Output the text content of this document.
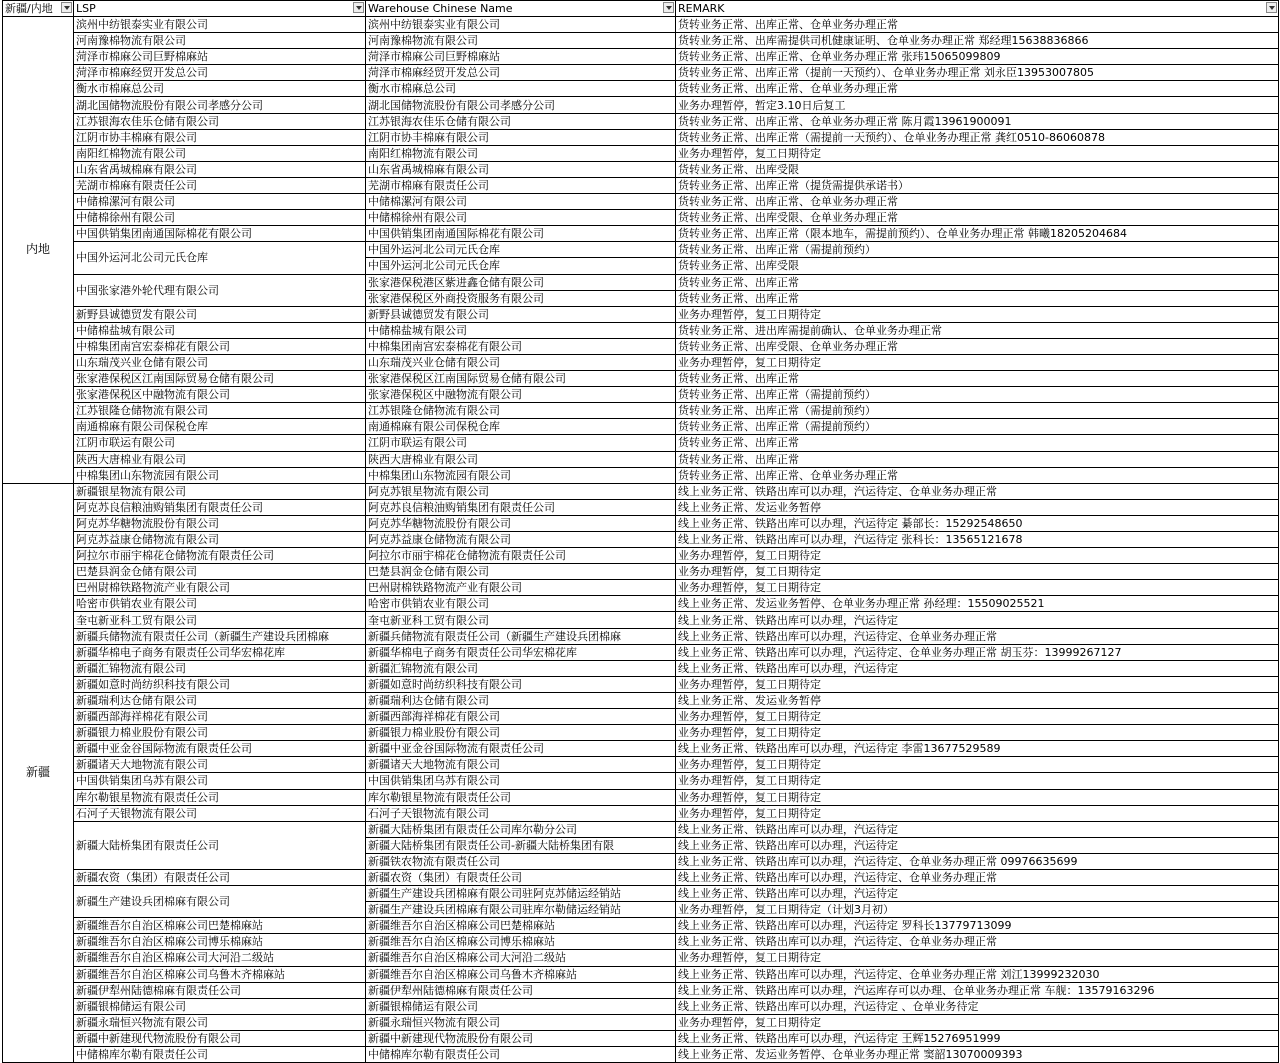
新疆/内地	LSP	Warehouse Chinese Name	REMARK

内地	滨州中纺银泰实业有限公司	滨州中纺银泰实业有限公司	货转业务正常、出库正常、仓单业务办理正常
	河南豫棉物流有限公司	河南豫棉物流有限公司	货转业务正常、出库需提供司机健康证明、仓单业务办理正常 郑经理15638836866
	菏泽市棉麻公司巨野棉麻站	菏泽市棉麻公司巨野棉麻站	货转业务正常、出库正常、仓单业务办理正常 张玮15065099809
	菏泽市棉麻经贸开发总公司	菏泽市棉麻经贸开发总公司	货转业务正常、出库正常（提前一天预约）、仓单业务办理正常 刘永臣13953007805
	衡水市棉麻总公司	衡水市棉麻总公司	货转业务正常、出库正常、仓单业务办理正常
	湖北国储物流股份有限公司孝感分公司	湖北国储物流股份有限公司孝感分公司	业务办理暂停，暂定3.10日后复工
	江苏银海农佳乐仓储有限公司	江苏银海农佳乐仓储有限公司	货转业务正常、出库正常、仓单业务办理正常 陈月霞13961900091
	江阴市协丰棉麻有限公司	江阴市协丰棉麻有限公司	货转业务正常、出库正常（需提前一天预约）、仓单业务办理正常 龚红0510-86060878
	南阳红棉物流有限公司	南阳红棉物流有限公司	业务办理暂停，复工日期待定
	山东省禹城棉麻有限公司	山东省禹城棉麻有限公司	货转业务正常、出库受限
	芜湖市棉麻有限责任公司	芜湖市棉麻有限责任公司	货转业务正常、出库正常（提货需提供承诺书）
	中储棉漯河有限公司	中储棉漯河有限公司	货转业务正常、出库正常、仓单业务办理正常
	中储棉徐州有限公司	中储棉徐州有限公司	货转业务正常、出库受限、仓单业务办理正常
	中国供销集团南通国际棉花有限公司	中国供销集团南通国际棉花有限公司	货转业务正常、出库正常（限本地车，需提前预约）、仓单业务办理正常 韩曦18205204684
	中国外运河北公司元氏仓库	中国外运河北公司元氏仓库	货转业务正常、出库正常（需提前预约）
		中国外运河北公司元氏仓库	货转业务正常、出库受限
	中国张家港外轮代理有限公司	张家港保税港区紫进鑫仓储有限公司	货转业务正常、出库正常
		张家港保税区外商投资服务有限公司	货转业务正常、出库正常
	新野县诚德贸发有限公司	新野县诚德贸发有限公司	业务办理暂停，复工日期待定
	中储棉盐城有限公司	中储棉盐城有限公司	货转业务正常、进出库需提前确认、仓单业务办理正常
	中棉集团南宫宏泰棉花有限公司	中棉集团南宫宏泰棉花有限公司	货转业务正常、出库受限、仓单业务办理正常
	山东瑞茂兴业仓储有限公司	山东瑞茂兴业仓储有限公司	业务办理暂停，复工日期待定
	张家港保税区江南国际贸易仓储有限公司	张家港保税区江南国际贸易仓储有限公司	货转业务正常、出库正常
	张家港保税区中融物流有限公司	张家港保税区中融物流有限公司	货转业务正常、出库正常（需提前预约）
	江苏银隆仓储物流有限公司	江苏银隆仓储物流有限公司	货转业务正常、出库正常（需提前预约）
	南通棉麻有限公司保税仓库	南通棉麻有限公司保税仓库	货转业务正常、出库正常（需提前预约）
	江阴市联运有限公司	江阴市联运有限公司	货转业务正常、出库正常
	陕西大唐棉业有限公司	陕西大唐棉业有限公司	货转业务正常、出库正常
	中棉集团山东物流园有限公司	中棉集团山东物流园有限公司	货转业务正常、出库正常、仓单业务办理正常
新疆	新疆银星物流有限公司	阿克苏银星物流有限公司	线上业务正常、铁路出库可以办理，汽运待定、仓单业务办理正常
	阿克苏良信粮油购销集团有限责任公司	阿克苏良信粮油购销集团有限责任公司	线上业务正常、发运业务暂停
	阿克苏华糖物流股份有限公司	阿克苏华糖物流股份有限公司	线上业务正常、铁路出库可以办理，汽运待定 綦部长：15292548650
	阿克苏益康仓储物流有限公司	阿克苏益康仓储物流有限公司	线上业务正常、铁路出库可以办理，汽运待定 张科长：13565121678
	阿拉尔市丽宇棉花仓储物流有限责任公司	阿拉尔市丽宇棉花仓储物流有限责任公司	业务办理暂停，复工日期待定
	巴楚县润金仓储有限公司	巴楚县润金仓储有限公司	业务办理暂停，复工日期待定
	巴州尉棉铁路物流产业有限公司	巴州尉棉铁路物流产业有限公司	业务办理暂停，复工日期待定
	哈密市供销农业有限公司	哈密市供销农业有限公司	线上业务正常、发运业务暂停、仓单业务办理正常 孙经理：15509025521
	奎屯新亚科工贸有限公司	奎屯新亚科工贸有限公司	线上业务正常、铁路出库可以办理，汽运待定
	新疆兵储物流有限责任公司（新疆生产建设兵团棉麻	新疆兵储物流有限责任公司（新疆生产建设兵团棉麻	线上业务正常、铁路出库可以办理，汽运待定、仓单业务办理正常
	新疆华棉电子商务有限责任公司华宏棉花库	新疆华棉电子商务有限责任公司华宏棉花库	线上业务正常、铁路出库可以办理，汽运待定、仓单业务办理正常 胡玉芬：13999267127
	新疆汇锦物流有限公司	新疆汇锦物流有限公司	线上业务正常、铁路出库可以办理，汽运待定
	新疆如意时尚纺织科技有限公司	新疆如意时尚纺织科技有限公司	业务办理暂停，复工日期待定
	新疆瑞利达仓储有限公司	新疆瑞利达仓储有限公司	线上业务正常、发运业务暂停
	新疆西部海祥棉花有限公司	新疆西部海祥棉花有限公司	业务办理暂停，复工日期待定
	新疆银力棉业股份有限公司	新疆银力棉业股份有限公司	业务办理暂停，复工日期待定
	新疆中亚金谷国际物流有限责任公司	新疆中亚金谷国际物流有限责任公司	线上业务正常、铁路出库可以办理，汽运待定 李雷13677529589
	新疆诸天大地物流有限公司	新疆诸天大地物流有限公司	业务办理暂停，复工日期待定
	中国供销集团乌苏有限公司	中国供销集团乌苏有限公司	业务办理暂停，复工日期待定
	库尔勒银星物流有限责任公司	库尔勒银星物流有限责任公司	业务办理暂停，复工日期待定
	石河子天银物流有限公司	石河子天银物流有限公司	业务办理暂停，复工日期待定
	新疆大陆桥集团有限责任公司	新疆大陆桥集团有限责任公司库尔勒分公司	线上业务正常、铁路出库可以办理，汽运待定
		新疆大陆桥集团有限责任公司-新疆大陆桥集团有限	线上业务正常、铁路出库可以办理，汽运待定
		新疆铁农物流有限责任公司	线上业务正常、铁路出库可以办理，汽运待定、仓单业务办理正常 09976635699
	新疆农资（集团）有限责任公司	新疆农资（集团）有限责任公司	线上业务正常、铁路出库可以办理，汽运待定、仓单业务办理正常
	新疆生产建设兵团棉麻有限公司	新疆生产建设兵团棉麻有限公司驻阿克苏储运经销站	线上业务正常、铁路出库可以办理，汽运待定
		新疆生产建设兵团棉麻有限公司驻库尔勒储运经销站	业务办理暂停，复工日期待定（计划3月初）
	新疆维吾尔自治区棉麻公司巴楚棉麻站	新疆维吾尔自治区棉麻公司巴楚棉麻站	线上业务正常、铁路出库可以办理，汽运待定 罗科长13779713099
	新疆维吾尔自治区棉麻公司博乐棉麻站	新疆维吾尔自治区棉麻公司博乐棉麻站	线上业务正常、铁路出库可以办理，汽运待定、仓单业务办理正常
	新疆维吾尔自治区棉麻公司大河沿二级站	新疆维吾尔自治区棉麻公司大河沿二级站	业务办理暂停，复工日期待定
	新疆维吾尔自治区棉麻公司乌鲁木齐棉麻站	新疆维吾尔自治区棉麻公司乌鲁木齐棉麻站	线上业务正常、铁路出库可以办理，汽运待定、仓单业务办理正常 刘江13999232030
	新疆伊犁州陆德棉麻有限责任公司	新疆伊犁州陆德棉麻有限责任公司	线上业务正常、铁路出库可以办理，汽运库存可以办理、仓单业务办理正常 车舰：13579163296
	新疆银棉储运有限公司	新疆银棉储运有限公司	线上业务正常、铁路出库可以办理，汽运待定 、仓单业务待定
	新疆永瑞恒兴物流有限公司	新疆永瑞恒兴物流有限公司	业务办理暂停，复工日期待定
	新疆中新建现代物流股份有限公司	新疆中新建现代物流股份有限公司	线上业务正常、铁路出库可以办理，汽运待定 王辉15276951999
	中储棉库尔勒有限责任公司	中储棉库尔勒有限责任公司	线上业务正常、发运业务暂停、仓单业务办理正常 窦韶13070009393
